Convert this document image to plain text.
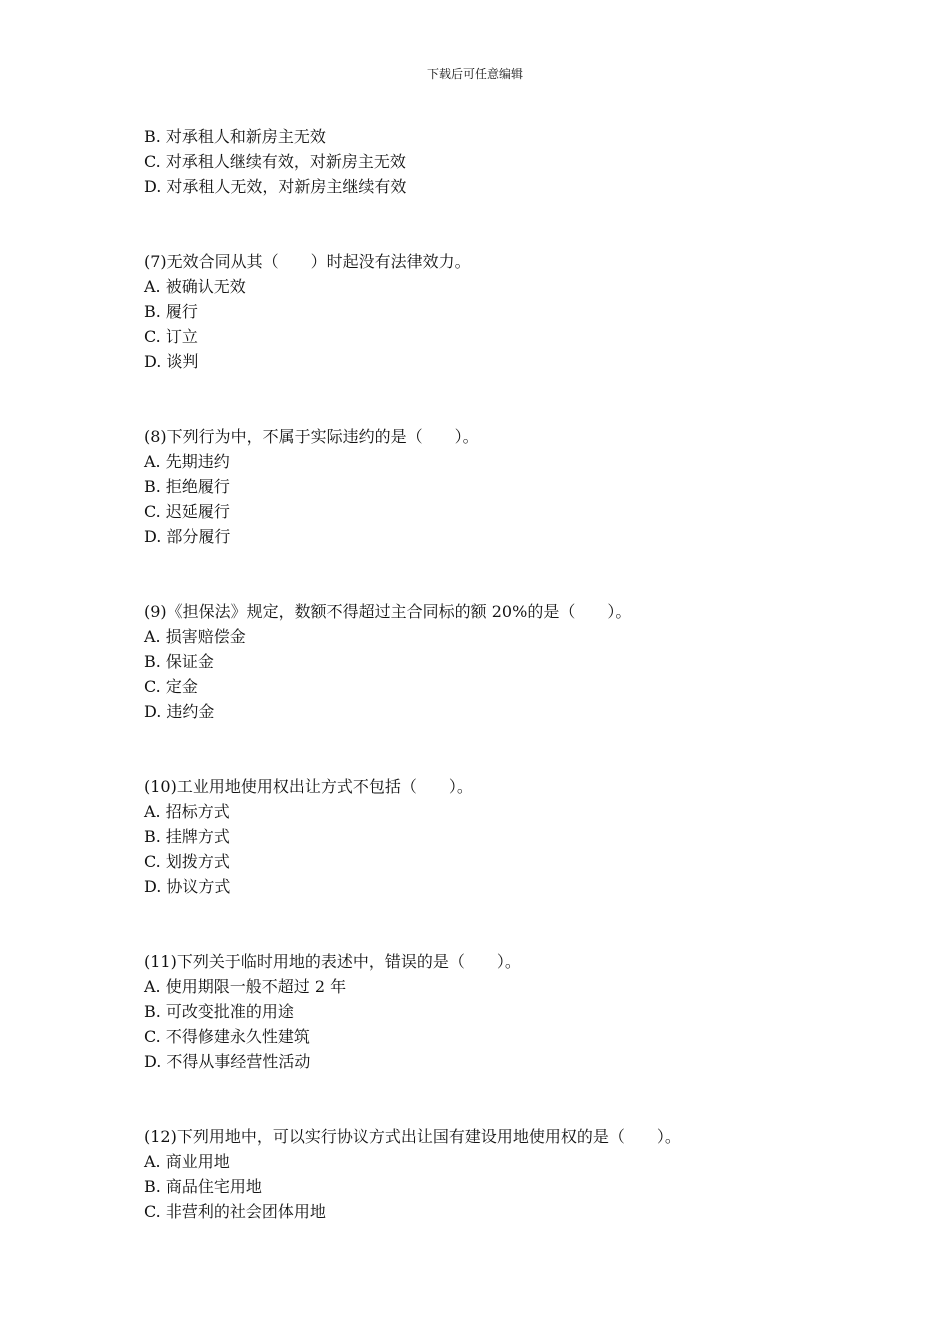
下载后可任意编辑
B. 对承租人和新房主无效
C. 对承租人继续有效，对新房主无效
D. 对承租人无效，对新房主继续有效
(7)无效合同从其（　　）时起没有法律效力。
A. 被确认无效
B. 履行
C. 订立
D. 谈判
(8)下列行为中，不属于实际违约的是（　　）。
A. 先期违约
B. 拒绝履行
C. 迟延履行
D. 部分履行
(9)《担保法》规定，数额不得超过主合同标的额 20%的是（　　）。
A. 损害赔偿金
B. 保证金
C. 定金
D. 违约金
(10)工业用地使用权出让方式不包括（　　）。
A. 招标方式
B. 挂牌方式
C. 划拨方式
D. 协议方式
(11)下列关于临时用地的表述中，错误的是（　　）。
A. 使用期限一般不超过 2 年
B. 可改变批准的用途
C. 不得修建永久性建筑
D. 不得从事经营性活动
(12)下列用地中，可以实行协议方式出让国有建设用地使用权的是（　　）。
A. 商业用地
B. 商品住宅用地
C. 非营利的社会团体用地
